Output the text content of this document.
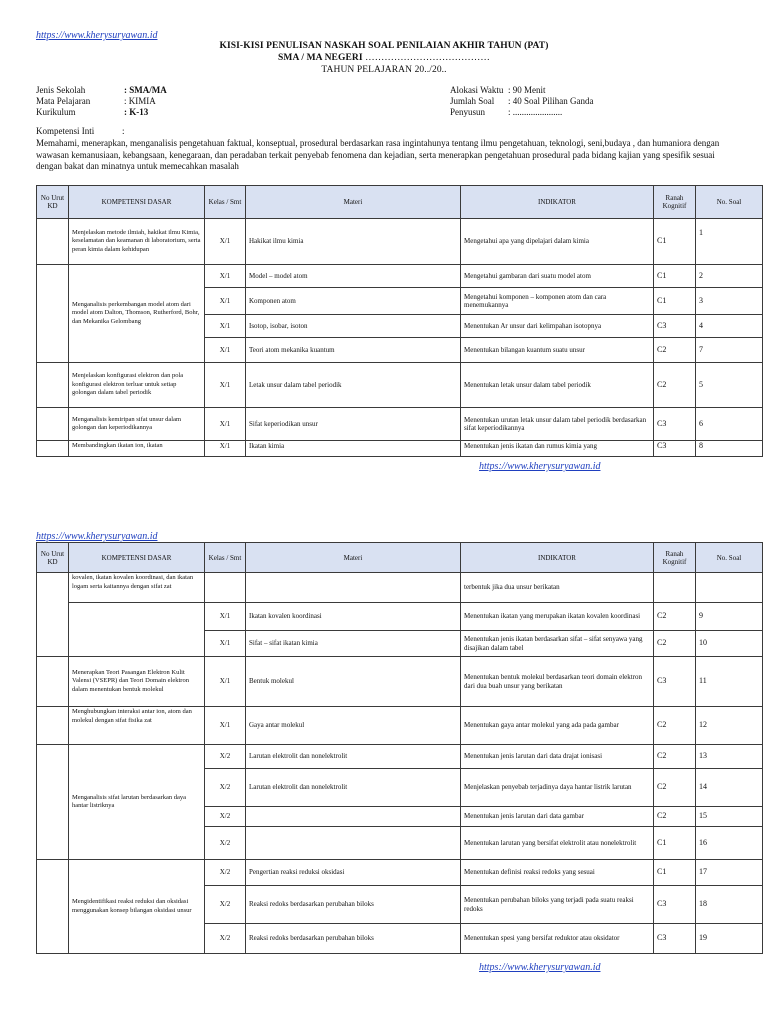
https://www.kherysuryawan.id
KISI-KISI PENULISAN NASKAH SOAL PENILAIAN AKHIR TAHUN (PAT)
SMA / MA NEGERI …………………………………
TAHUN PELAJARAN 20../20..
Jenis Sekolah	: SMA/MA
Mata Pelajaran	: KIMIA
Kurikulum	: K-13
Alokasi Waktu	: 90 Menit
Jumlah Soal	: 40 Soal Pilihan Ganda
Penyusun	: ......................
Kompetensi Inti	:
Memahami, menerapkan, menganalisis pengetahuan faktual, konseptual, prosedural berdasarkan rasa ingintahunya tentang ilmu pengetahuan, teknologi, seni,budaya , dan humaniora dengan wawasan kemanusiaan, kebangsaan, kenegaraan, dan peradaban terkait penyebab fenomena dan kejadian, serta menerapkan pengetahuan prosedural pada bidang kajian yang spesifik sesuai dengan bakat dan minatnya untuk memecahkan masalah
No Urut KD	KOMPETENSI DASAR	Kelas / Smt	Materi	INDIKATOR	Ranah Kognitif	No. Soal
	Menjelaskan metode ilmiah, hakikat ilmu Kimia, keselamatan dan keamanan di laboratorium, serta peran kimia dalam kehidupan	X/1	Hakikat ilmu kimia	Mengetahui apa yang dipelajari dalam kimia	C1	1
	Menganalisis perkembangan model atom dari model atom Dalton, Thomson, Rutherford, Bohr, dan Mekanika Gelombang	X/1	Model – model atom	Mengetahui gambaran dari suatu model atom	C1	2
		X/1	Komponen atom	Mengetahui komponen – komponen atom dan cara menemukannya	C1	3
		X/1	Isotop, isobar, isoton	Menentukan Ar unsur dari kelimpahan isotopnya	C3	4
		X/1	Teori atom mekanika kuantum	Menentukan bilangan kuantum suatu unsur	C2	7
	Menjelaskan konfigurasi elektron dan pola konfigurasi elektron terluar untuk setiap golongan dalam tabel periodik	X/1	Letak unsur dalam tabel periodik	Menentukan letak unsur dalam tabel periodik	C2	5
	Menganalisis kemiripan sifat unsur dalam golongan dan keperiodikannya	X/1	Sifat keperiodikan unsur	Menentukan urutan letak unsur dalam tabel periodik berdasarkan sifat keperiodikannya	C3	6
	Membandingkan ikatan ion, ikatan	X/1	Ikatan kimia	Menentukan jenis ikatan dan rumus kimia yang	C3	8
https://www.kherysuryawan.id
https://www.kherysuryawan.id
No Urut KD	KOMPETENSI DASAR	Kelas / Smt	Materi	INDIKATOR	Ranah Kognitif	No. Soal
	kovalen, ikatan kovalen koordinasi, dan ikatan logam serta kaitannya dengan sifat zat			terbentuk jika dua unsur berikatan		
		X/1	Ikatan kovalen koordinasi	Menentukan ikatan yang merupakan ikatan kovalen koordinasi	C2	9
		X/1	Sifat – sifat ikatan kimia	Menentukan jenis ikatan berdasarkan sifat – sifat senyawa yang disajikan dalam tabel	C2	10
	Menerapkan Teori Pasangan Elektron Kulit Valensi (VSEPR) dan Teori Domain elektron dalam menentukan bentuk molekul	X/1	Bentuk molekul	Menentukan bentuk molekul berdasarkan teori domain elektron dari dua buah unsur yang berikatan	C3	11
	Menghubungkan interaksi antar ion, atom dan molekul dengan sifat fisika zat	X/1	Gaya antar molekul	Menentukan gaya antar molekul yang ada pada gambar	C2	12
	Menganalisis sifat larutan berdasarkan daya hantar listriknya	X/2	Larutan elektrolit dan nonelektrolit	Menentukan jenis larutan dari data drajat ionisasi	C2	13
		X/2	Larutan elektrolit dan nonelektrolit	Menjelaskan penyebab terjadinya daya hantar listrik larutan	C2	14
		X/2		Menentukan jenis larutan dari data gambar	C2	15
		X/2		Menentukan larutan yang bersifat elektrolit atau nonelektrolit	C1	16
	Mengidentifikasi reaksi reduksi dan oksidasi menggunakan konsep bilangan oksidasi unsur	X/2	Pengertian reaksi reduksi oksidasi	Menentukan definisi reaksi redoks yang sesuai	C1	17
		X/2	Reaksi redoks berdasarkan perubahan biloks	Menentukan perubahan biloks yang terjadi pada suatu reaksi redoks	C3	18
		X/2	Reaksi redoks berdasarkan perubahan biloks	Menentukan spesi yang bersifat reduktor atau oksidator	C3	19
https://www.kherysuryawan.id
